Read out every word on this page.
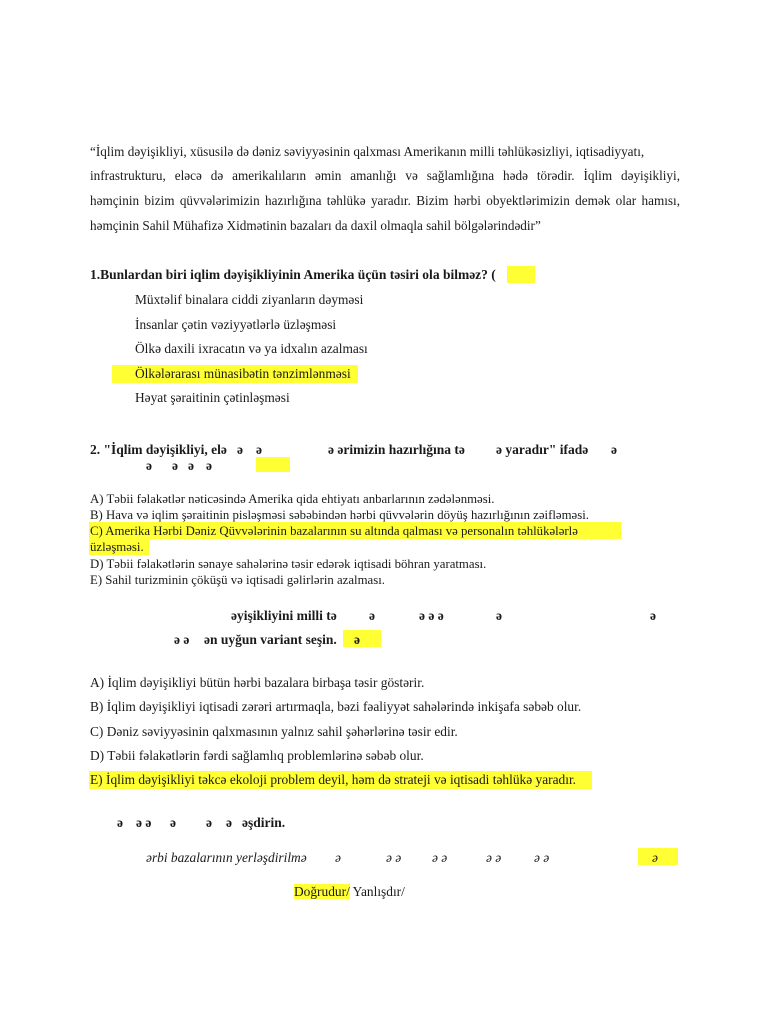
“İqlim dəyişikliyi, xüsusilə də dəniz səviyyəsinin qalxması Amerikanın milli təhlükəsizliyi, iqtisadiyyatı,
infrastrukturu, eləcə də amerikalıların əmin amanlığı və sağlamlığına hədə törədir. İqlim dəyişikliyi,
həmçinin bizim qüvvələrimizin hazırlığına təhlükə yaradır. Bizim hərbi obyektlərimizin demək olar hamısı,
həmçinin Sahil Mühafizə Xidmətinin bazaları da daxil olmaqla sahil bölgələrindədir”
1.Bunlardan biri iqlim dəyişikliyinin Amerika üçün təsiri ola bilməz? (
Müxtəlif binalara ciddi ziyanların dəyməsi
İnsanlar çətin vəziyyətlərlə üzləşməsi
Ölkə daxili ixracatın və ya idxalın azalması
Ölkələrarası münasibətin tənzimlənməsi
Həyat şəraitinin çətinləşməsi
2. "İqlim dəyişikliyi, elə ə ə	ə ərimizin hazırlığına tə ə yaradır" ifadə ə
ə ə ə ə
A) Təbii fəlakətlər nəticəsində Amerika qida ehtiyatı anbarlarının zədələnməsi.
B) Hava və iqlim şəraitinin pisləşməsi səbəbindən hərbi qüvvələrin döyüş hazırlığının zəifləməsi.
C) Amerika Hərbi Dəniz Qüvvələrinin bazalarının su altında qalması və personalın təhlükələrlə
üzləşməsi.
D) Təbii fəlakətlərin sənaye sahələrinə təsir edərək iqtisadi böhran yaratması.
E) Sahil turizminin çöküşü və iqtisadi gəlirlərin azalması.
əyişikliyini milli tə ə	ə ə ə	ə	ə
ə ə ən uyğun variant seşin. ə
A) İqlim dəyişikliyi bütün hərbi bazalara birbaşa təsir göstərir.
B) İqlim dəyişikliyi iqtisadi zərəri artırmaqla, bəzi fəaliyyət sahələrində inkişafa səbəb olur.
C) Dəniz səviyyəsinin qalxmasının yalnız sahil şəhərlərinə təsir edir.
D) Təbii fəlakətlərin fərdi sağlamlıq problemlərinə səbəb olur.
E) İqlim dəyişikliyi təkcə ekoloji problem deyil, həm də strateji və iqtisadi təhlükə yaradır.
ə ə ə ə ə ə əşdirin.
ərbi bazalarının yerləşdirilmə ə	ə ə ə ə	ə ə ə ə	ə
Doğrudur/ Yanlışdır/
